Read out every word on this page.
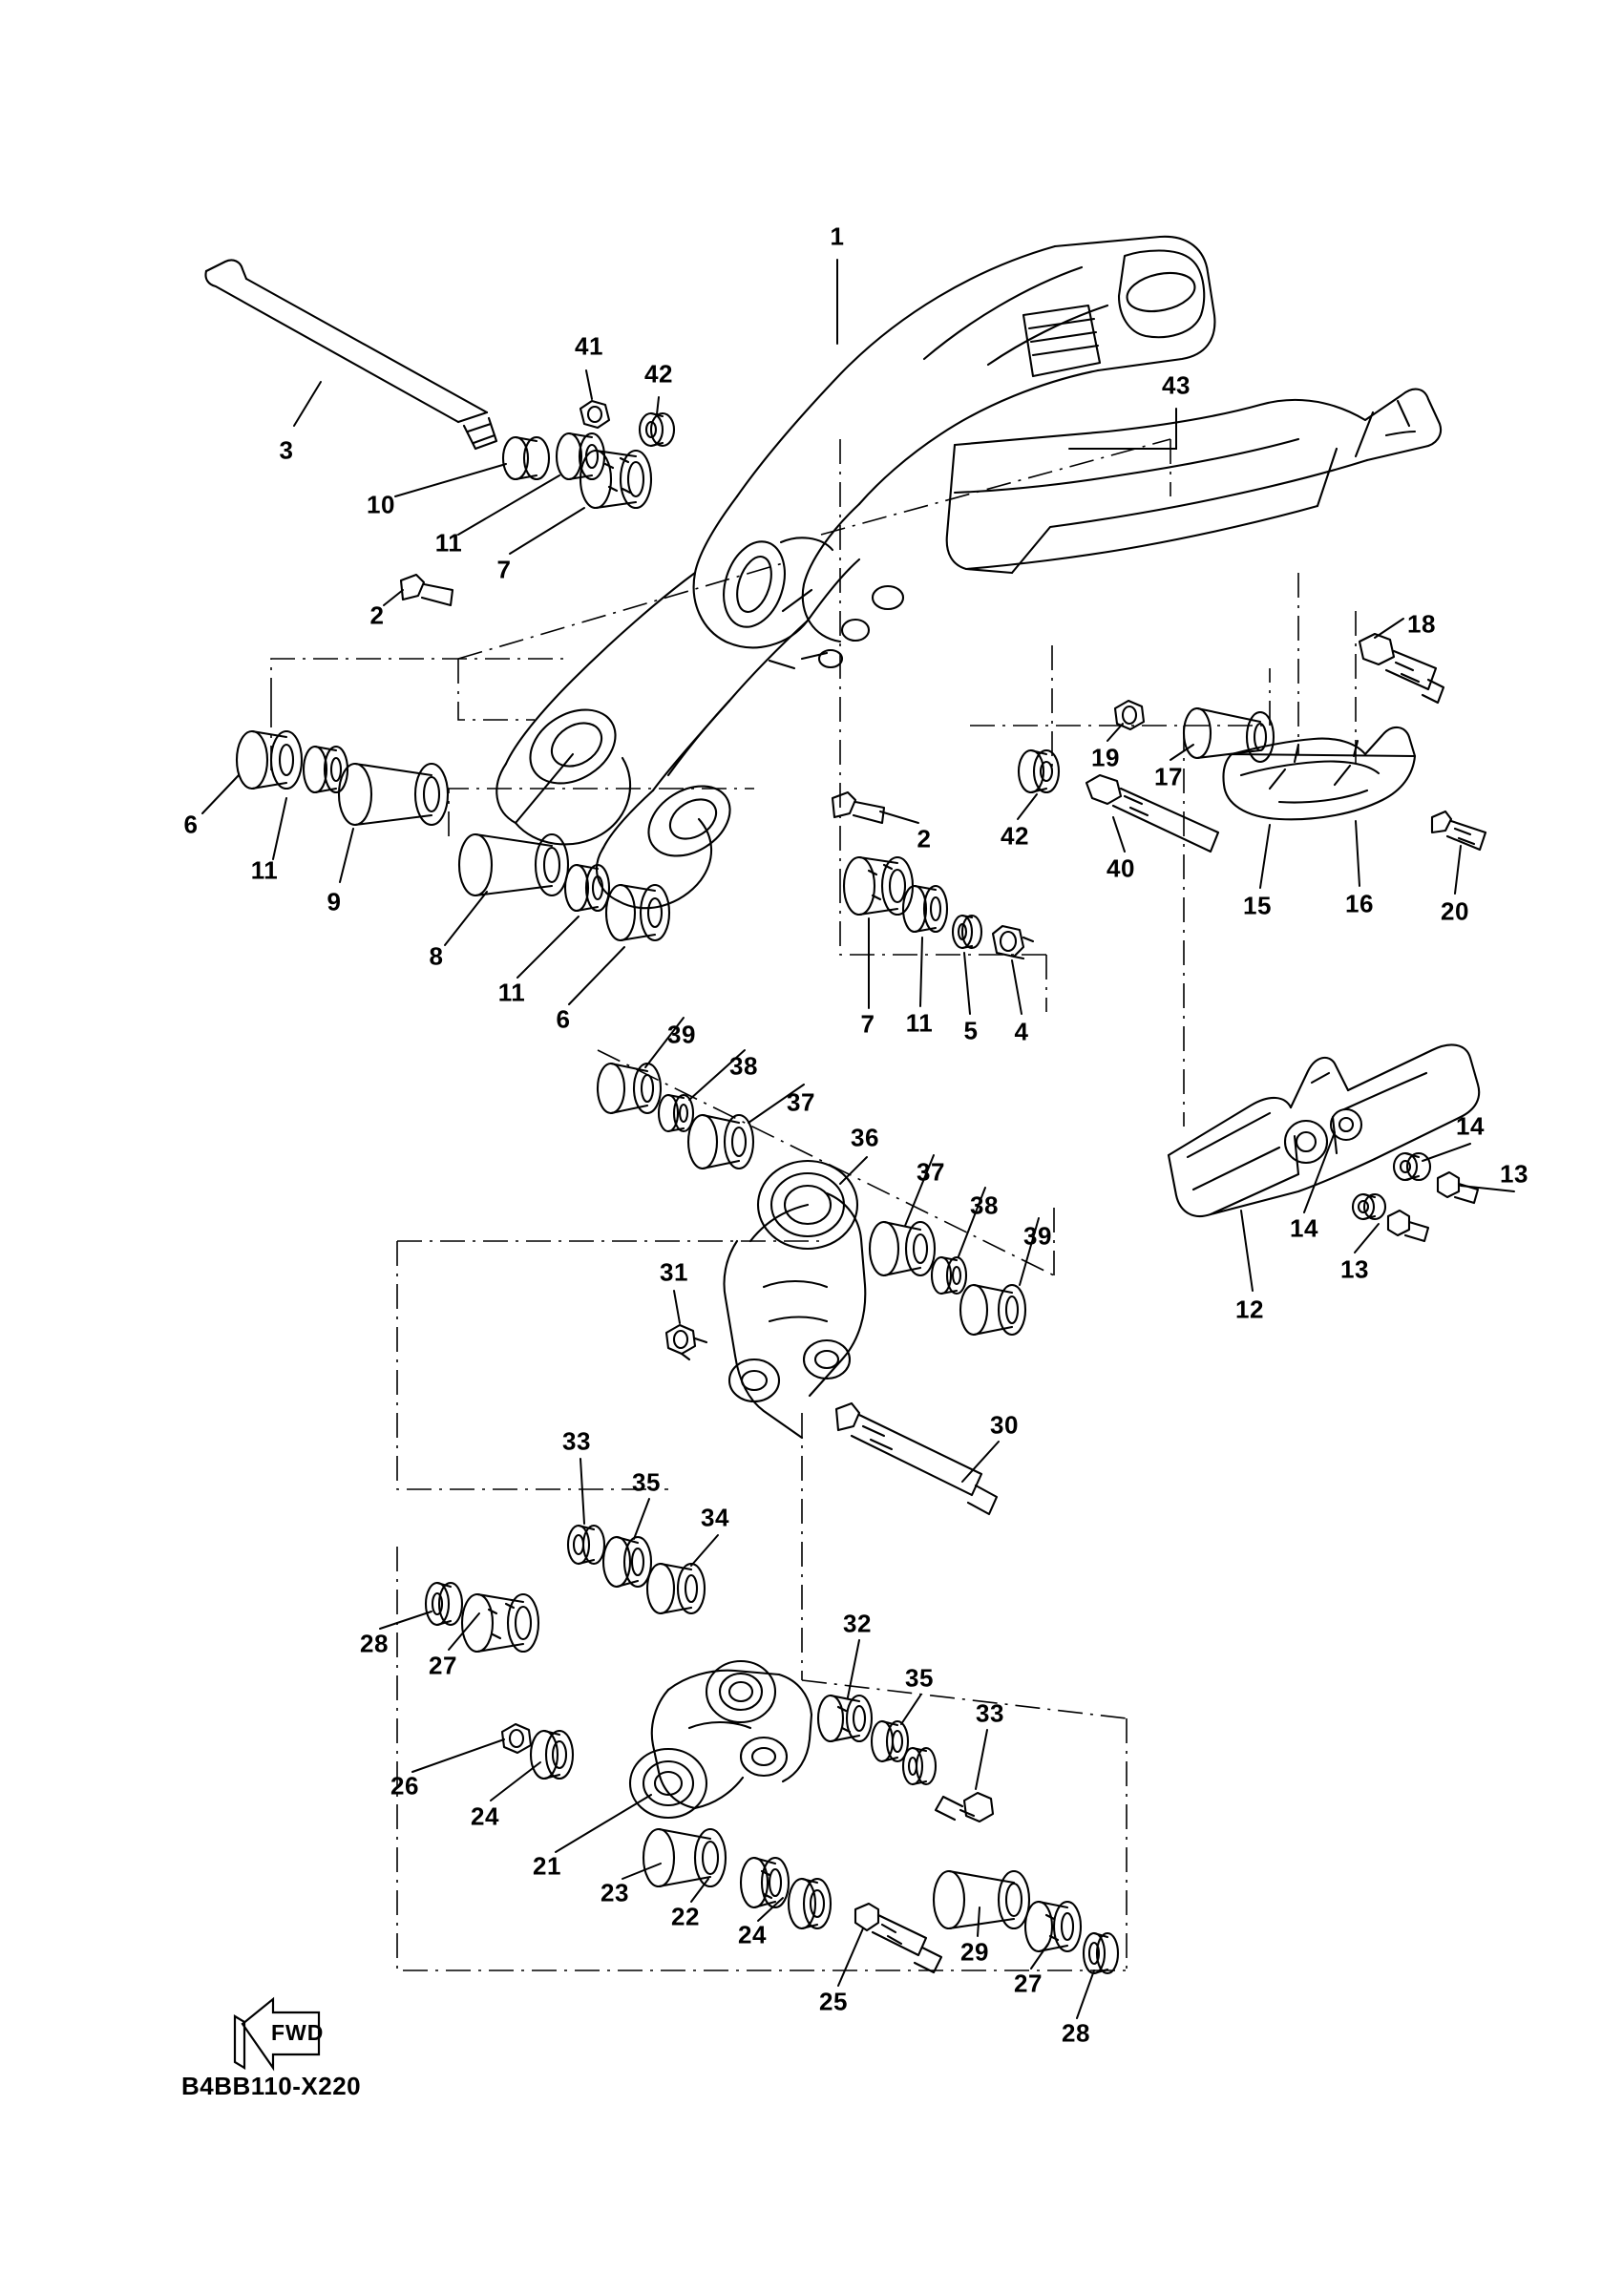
1
41
42	43
3
10
11
7
2	18
19
17
6
11
9
2	42
40
15	16	20
8
11
6	7 11 5 4
39
38
37
36
37
38
39
14
13
14
13
12
31
30
33
35
34
28
27
32
35
33
26
24
21
23
22
24
25
29
27
28
FWD
B4BB110-X220
